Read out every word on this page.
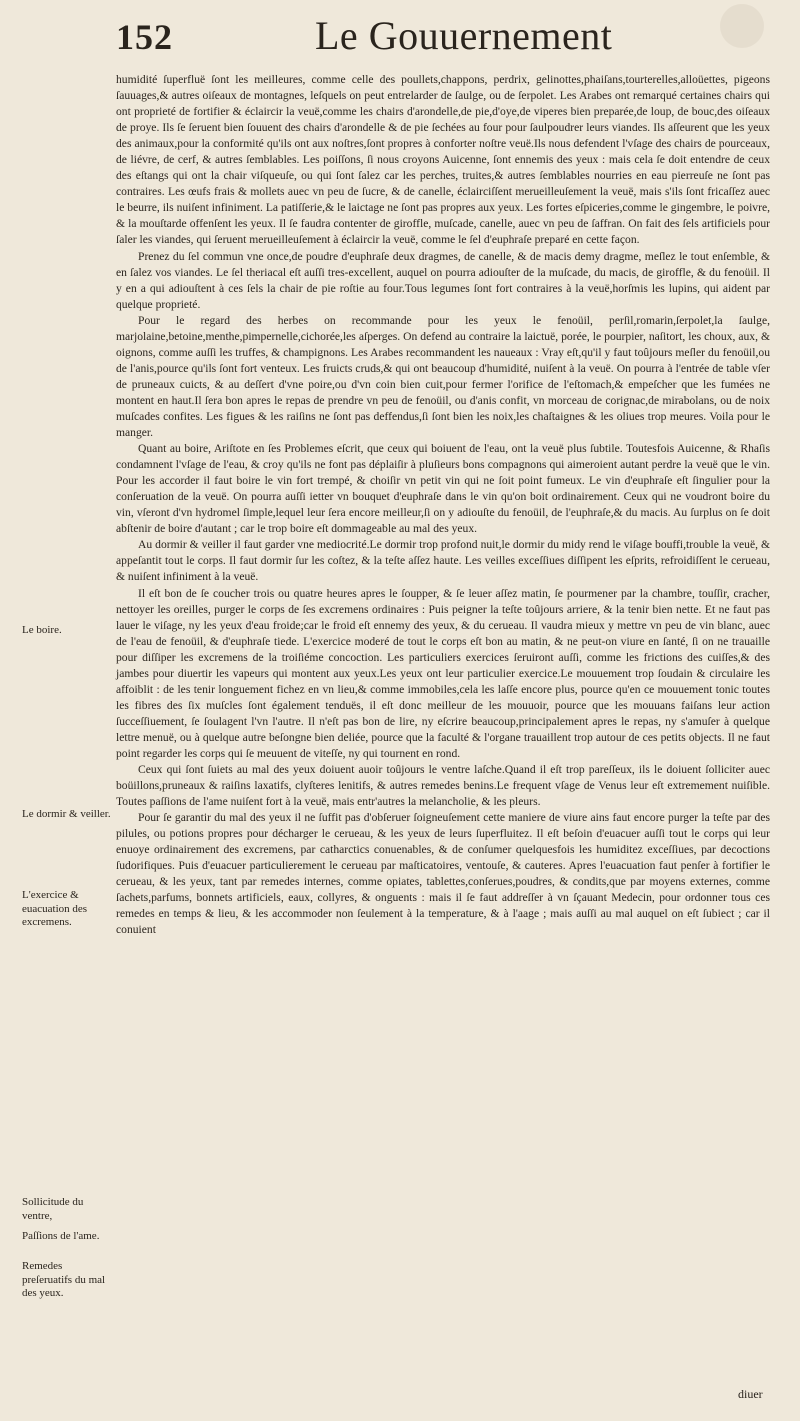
152	Le Gouuernement
Le boire.
Le dormir & veiller.
L'exercice & euacuation des excremens.
Sollicitude du ventre,
Paſſions de l'ame.
Remedes preſeruatifs du mal des yeux.

humidité ſuperfluë ſont les meilleures, comme celle des poullets,chappons, perdrix, gelinottes,phaiſans,tourterelles,alloüettes, pigeons ſauuages,& autres oiſeaux de montagnes, leſquels on peut entrelarder de ſaulge, ou de ſerpolet. Les Arabes ont remarqué certaines chairs qui ont proprieté de fortifier & éclaircir la veuë,comme les chairs d'arondelle,de pie,d'oye,de viperes bien preparée,de loup, de bouc,des oiſeaux de proye. Ils ſe ſeruent bien ſouuent des chairs d'arondelle & de pie ſechées au four pour ſaulpoudrer leurs viandes. Ils aſſeurent que les yeux des animaux,pour la conformité qu'ils ont aux noſtres,ſont propres à conforter noſtre veuë.Ils nous defendent l'vſage des chairs de pourceaux, de liévre, de cerf, & autres ſemblables. Les poiſſons, ſi nous croyons Auicenne, ſont ennemis des yeux : mais cela ſe doit entendre de ceux des eſtangs qui ont la chair viſqueuſe, ou qui ſont ſalez car les perches, truites,& autres ſemblables nourries en eau pierreuſe ne ſont pas contraires. Les œufs frais & mollets auec vn peu de ſucre, & de canelle, éclairciſſent merueilleuſement la veuë, mais s'ils ſont fricaſſez auec le beurre, ils nuiſent infiniment. La patiſſerie,& le laictage ne ſont pas propres aux yeux. Les fortes eſpiceries,comme le gingembre, le poivre, & la mouſtarde offenſent les yeux. Il ſe faudra contenter de giroffle, muſcade, canelle, auec vn peu de ſaffran. On fait des ſels artificiels pour ſaler les viandes, qui ſeruent merueilleuſement à éclaircir la veuë, comme le ſel d'euphraſe preparé en cette façon.

Prenez du ſel commun vne once,de poudre d'euphraſe deux dragmes, de canelle, & de macis demy dragme, meſlez le tout enſemble, & en ſalez vos viandes. Le ſel theriacal eſt auſſi tres-excellent, auquel on pourra adiouſter de la muſcade, du macis, de giroffle, & du fenoüil. Il y en a qui adiouſtent à ces ſels la chair de pie roſtie au four.Tous legumes ſont fort contraires à la veuë,horſmis les lupins, qui aident par quelque proprieté.

Pour le regard des herbes on recommande pour les yeux le fenoüil, perſil,romarin,ſerpolet,la ſaulge, marjolaine,betoine,menthe,pimpernelle,cichorée,les aſperges. On defend au contraire la laictuë, porée, le pourpier, naſitort, les choux, aux, & oignons, comme auſſi les truffes, & champignons. Les Arabes recommandent les naueaux : Vray eſt,qu'il y faut toûjours meſler du fenoüil,ou de l'anis,pource qu'ils ſont fort venteux. Les fruicts cruds,& qui ont beaucoup d'humidité, nuiſent à la veuë. On pourra à l'entrée de table vſer de pruneaux cuicts, & au deſſert d'vne poire,ou d'vn coin bien cuit,pour fermer l'orifice de l'eſtomach,& empeſcher que les fumées ne montent en haut.Il ſera bon apres le repas de prendre vn peu de fenoüil, ou d'anis confit, vn morceau de corignac,de mirabolans, ou de noix muſcades confites. Les figues & les raiſins ne ſont pas deffendus,ſi ſont bien les noix,les chaſtaignes & les oliues trop meures. Voila pour le manger.

Quant au boire, Ariſtote en ſes Problemes eſcrit, que ceux qui boiuent de l'eau, ont la veuë plus ſubtile. Toutesfois Auicenne, & Rhaſis condamnent l'vſage de l'eau, & croy qu'ils ne font pas déplaiſir à pluſieurs bons compagnons qui aimeroient autant perdre la veuë que le vin. Pour les accorder il faut boire le vin fort trempé, & choiſir vn petit vin qui ne ſoit point fumeux. Le vin d'euphraſe eſt ſingulier pour la conſeruation de la veuë. On pourra auſſi ietter vn bouquet d'euphraſe dans le vin qu'on boit ordinairement. Ceux qui ne voudront boire du vin, vſeront d'vn hydromel ſimple,lequel leur ſera encore meilleur,ſi on y adiouſte du fenoüil, de l'euphraſe,& du macis. Au ſurplus on ſe doit abſtenir de boire d'autant ; car le trop boire eſt dommageable au mal des yeux.

Au dormir & veiller il faut garder vne mediocrité.Le dormir trop profond nuit,le dormir du midy rend le viſage bouffi,trouble la veuë, & appeſantit tout le corps. Il faut dormir ſur les coſtez, & la teſte aſſez haute. Les veilles exceſſiues diſſipent les eſprits, refroidiſſent le cerueau, & nuiſent infiniment à la veuë.

Il eſt bon de ſe coucher trois ou quatre heures apres le ſoupper, & ſe leuer aſſez matin, ſe pourmener par la chambre, touſſir, cracher, nettoyer les oreilles, purger le corps de ſes excremens ordinaires : Puis peigner la teſte toûjours arriere, & la tenir bien nette. Et ne faut pas lauer le viſage, ny les yeux d'eau froide;car le froid eſt ennemy des yeux, & du cerueau. Il vaudra mieux y mettre vn peu de vin blanc, auec de l'eau de fenoüil, & d'euphraſe tiede. L'exercice moderé de tout le corps eſt bon au matin, & ne peut-on viure en ſanté, ſi on ne trauaille pour diſſiper les excremens de la troiſiéme concoction. Les particuliers exercices ſeruiront auſſi, comme les frictions des cuiſſes,& des jambes pour diuertir les vapeurs qui montent aux yeux.Les yeux ont leur particulier exercice.Le mouuement trop ſoudain & circulaire les affoiblit : de les tenir longuement fichez en vn lieu,& comme immobiles,cela les laſſe encore plus, pource qu'en ce mouuement tonic toutes les fibres des ſix muſcles ſont également tenduës, il eſt donc meilleur de les mouuoir, pource que les mouuans faiſans leur action ſucceſſiuement, ſe ſoulagent l'vn l'autre. Il n'eſt pas bon de lire, ny eſcrire beaucoup,principalement apres le repas, ny s'amuſer à quelque lettre menuë, ou à quelque autre beſongne bien deliée, pource que la faculté & l'organe trauaillent trop autour de ces petits objects. Il ne faut point regarder les corps qui ſe meuuent de viteſſe, ny qui tournent en rond.

Ceux qui ſont ſuiets au mal des yeux doiuent auoir toûjours le ventre laſche.Quand il eſt trop pareſſeux, ils le doiuent ſolliciter auec boüillons,pruneaux & raiſins laxatifs, clyſteres lenitifs, & autres remedes benins.Le frequent vſage de Venus leur eſt extremement nuiſible. Toutes paſſions de l'ame nuiſent fort à la veuë, mais entr'autres la melancholie, & les pleurs.

Pour ſe garantir du mal des yeux il ne ſuffit pas d'obſeruer ſoigneuſement cette maniere de viure ains faut encore purger la teſte par des pilules, ou potions propres pour décharger le cerueau, & les yeux de leurs ſuperfluitez. Il eſt beſoin d'euacuer auſſi tout le corps qui leur enuoye ordinairement des excremens, par catharctics conuenables, & de conſumer quelquesfois les humiditez exceſſiues, par decoctions ſudorifiques. Puis d'euacuer particulierement le cerueau par maſticatoires, ventouſe, & cauteres. Apres l'euacuation faut penſer à fortifier le cerueau, & les yeux, tant par remedes internes, comme opiates, tablettes,conſerues,poudres, & condits,que par moyens externes, comme ſachets,parfums, bonnets artificiels, eaux, collyres, & onguents : mais il ſe faut addreſſer à vn ſçauant Medecin, pour ordonner tous ces remedes en temps & lieu, & les accommoder non ſeulement à la temperature, & à l'aage ; mais auſſi au mal auquel on eſt ſubiect ; car il conuient

diuer
